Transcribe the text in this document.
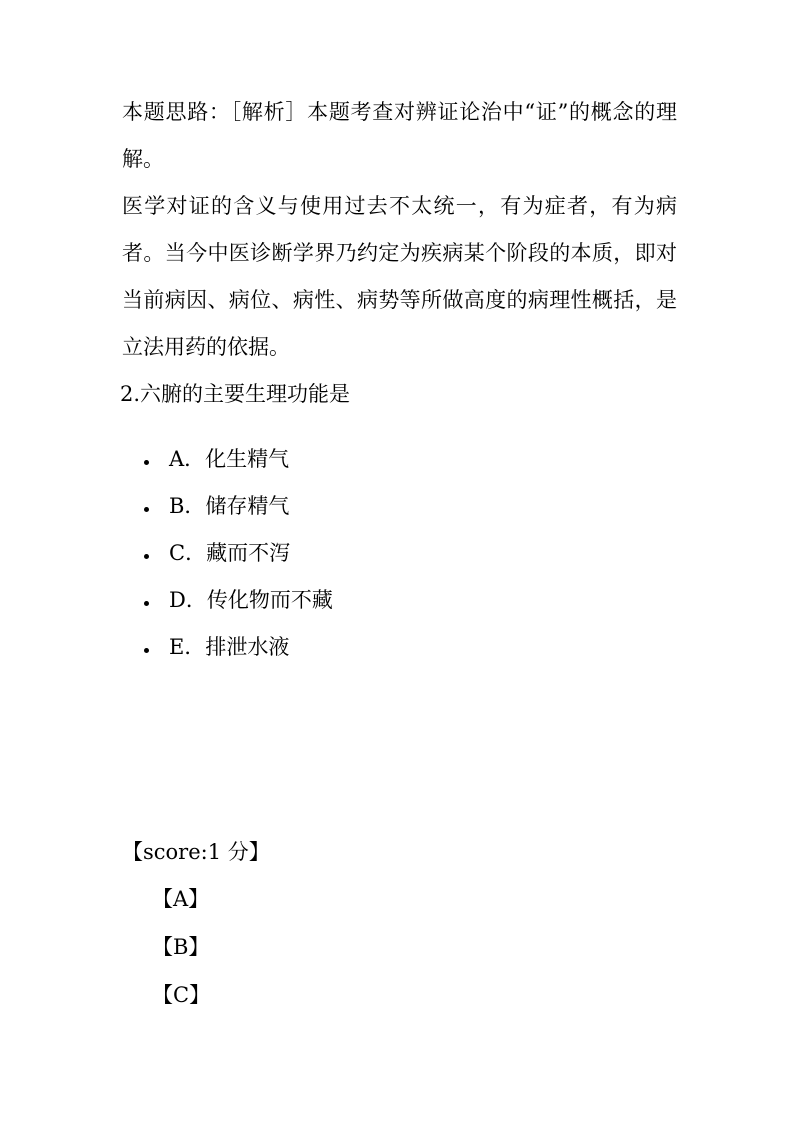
本题思路：［解析］本题考查对辨证论治中“证”的概念的理解。

医学对证的含义与使用过去不太统一，有为症者，有为病者。当今中医诊断学界乃约定为疾病某个阶段的本质，即对当前病因、病位、病性、病势等所做高度的病理性概括，是立法用药的依据。

2.六腑的主要生理功能是

A．化生精气
B．储存精气
C．藏而不泻
D．传化物而不藏
E．排泄水液

【score:1 分】

【A】
【B】
【C】
